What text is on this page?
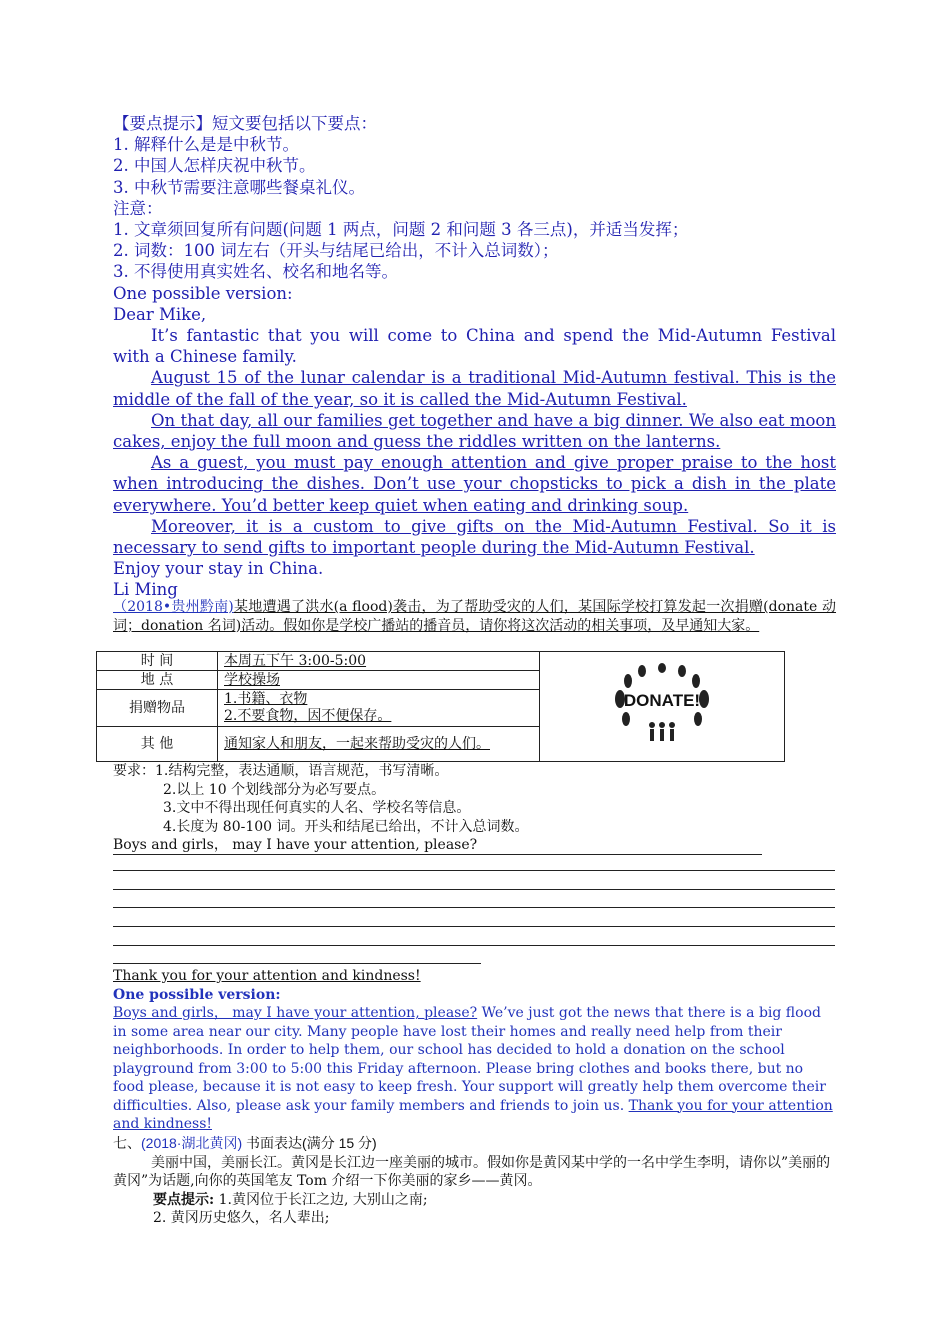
【要点提示】短文要包括以下要点：

1. 解释什么是是中秋节。

2. 中国人怎样庆祝中秋节。

3. 中秋节需要注意哪些餐桌礼仪。

注意：

1. 文章须回复所有问题(问题 1 两点，问题 2 和问题 3 各三点)，并适当发挥；

2. 词数：100 词左右（开头与结尾已给出，不计入总词数）；

3. 不得使用真实姓名、校名和地名等。

One possible version:

Dear Mike,

It’s fantastic that you will come to China and spend the Mid-Autumn Festival with a Chinese family.

August 15 of the lunar calendar is a traditional Mid-Autumn festival. This is the middle of the fall of the year, so it is called the Mid-Autumn Festival.

On that day, all our families get together and have a big dinner. We also eat moon cakes, enjoy the full moon and guess the riddles written on the lanterns.

As a guest, you must pay enough attention and give proper praise to the host when introducing the dishes. Don’t use your chopsticks to pick a dish in the plate everywhere. You’d better keep quiet when eating and drinking soup.

Moreover, it is a custom to give gifts on the Mid-Autumn Festival. So it is necessary to send gifts to important people during the Mid-Autumn Festival.

Enjoy your stay in China.

Li Ming

（2018•贵州黔南)某地遭遇了洪水(a flood)袭击，为了帮助受灾的人们，某国际学校打算发起一次捐赠(donate 动词；donation 名词)活动。假如你是学校广播站的播音员，请你将这次活动的相关事项，及早通知大家。
时 间	本周五下午 3:00-5:00	DONATE!

地 点	学校操场	
捐赠物品	1.书籍、衣物
2.不要食物，因不便保存。	

其 他	通知家人和朋友，一起来帮助受灾的人们。	
要求：1.结构完整，表达通顺，语言规范，书写清晰。
2.以上 10 个划线部分为必写要点。
3.文中不得出现任何真实的人名、学校名等信息。
4.长度为 80-100 词。开头和结尾已给出，不计入总词数。
Boys and girls， may I have your attention, please?
Thank you for your attention and kindness!
One possible version:
Boys and girls， may I have your attention, please? We’ve just got the news that there is a big flood in some area near our city. Many people have lost their homes and really need help from their neighborhoods. In order to help them, our school has decided to hold a donation on the school playground from 3:00 to 5:00 this Friday afternoon. Please bring clothes and books there, but no food please, because it is not easy to keep fresh. Your support will greatly help them overcome their difficulties. Also, please ask your family members and friends to join us. Thank you for your attention and kindness!
七、(2018·湖北黄冈) 书面表达(满分 15 分)
美丽中国，美丽长江。黄冈是长江边一座美丽的城市。假如你是黄冈某中学的一名中学生李明，请你以”美丽的黄冈”为话题,向你的英国笔友 Tom 介绍一下你美丽的家乡——黄冈。
要点提示: 1.黄冈位于长江之边, 大别山之南;
2. 黄冈历史悠久，名人辈出;
